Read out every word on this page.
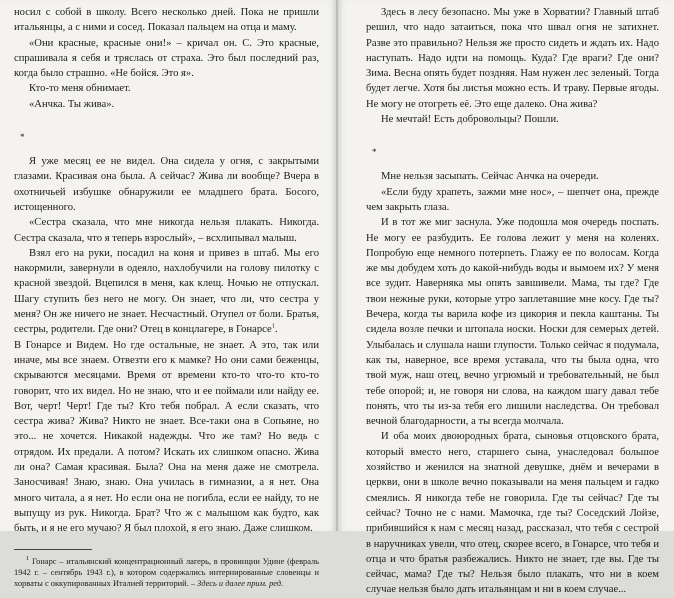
носил с собой в школу. Всего несколько дней. Пока не пришли итальянцы, а с ними и сосед. Показал пальцем на отца и маму.

«Они красные, красные они!» – кричал он. С. Это красные, спрашивала я себя и тряслась от страха. Это был последний раз, когда было страшно. «Не бойся. Это я».

Кто-то меня обнимает.

«Анчка. Ты жива».

*

Я уже месяц ее не видел. Она сидела у огня, с закрытыми глазами. Красивая она была. А сейчас? Жива ли вообще? Вчера в охотничьей избушке обнаружили ее младшего брата. Босого, истощенного.

«Сестра сказала, что мне никогда нельзя плакать. Никогда. Сестра сказала, что я теперь взрослый», – всхлипывал малыш.

Взял его на руки, посадил на коня и привез в штаб. Мы его накормили, завернули в одеяло, нахлобучили на голову пилотку с красной звездой. Вцепился в меня, как клещ. Ночью не отпускал. Шагу ступить без него не могу. Он знает, что ли, что сестра у меня? Он же ничего не знает. Несчастный. Отупел от боли. Братья, сестры, родители. Где они? Отец в концлагере, в Гонарсе$^1$.

В Гонарсе и Видем. Но где остальные, не знает. А это, так или иначе, мы все знаем. Отвезти его к мамке? Но они сами беженцы, скрываются месяцами. Время от времени кто-то что-то кто-то говорит, что их видел. Но не знаю, что и ее поймали или найду ее. Вот, черт! Черт! Где ты? Кто тебя побрал. А если сказать, что сестра жива? Жива? Никто не знает. Все-таки она в Сопьяне, но это... не хочется. Никакой надежды. Что же там? Но ведь с отрядом. Их предали. А потом? Искать их слишком опасно. Жива ли она? Самая красивая. Была? Она на меня даже не смотрела. Заносчивая! Знаю, знаю. Она училась в гимназии, а я нет. Она много читала, а я нет. Но если она не погибла, если ее найду, то не выпущу из рук. Никогда. Брат? Что ж с малышом как будто, как быть, и я не его мучаю? Я был плохой, я его знаю. Даже слишком.

$^1$ Гонарс – итальянский концентрационный лагерь, в провинции Удине (февраль 1942 г. – сентябрь 1943 г.), в котором содержались интернированные словенцы и хорваты с оккупированных Италией территорий. – Здесь и далее прим. ред.

Здесь в лесу безопасно. Мы уже в Хорватии? Главный штаб решил, что надо затаиться, пока что швал огня не затихнет. Разве это правильно? Нельзя же просто сидеть и ждать их. Надо наступать. Надо идти на помощь. Куда? Где враги? Где они? Зима. Весна опять будет поздняя. Нам нужен лес зеленый. Тогда будет легче. Хотя бы листья можно есть. И траву. Первые ягоды. Не могу не отогреть её. Это еще далеко. Она жива?

Не мечтай! Есть добровольцы? Пошли.

*

Мне нельзя засыпать. Сейчас Анчка на очереди.

«Если буду храпеть, зажми мне нос», – шепчет она, прежде чем закрыть глаза.

И в тот же миг заснула. Уже подошла моя очередь поспать. Не могу ее разбудить. Ее голова лежит у меня на коленях. Попробую еще немного потерпеть. Глажу ее по волосам. Когда же мы добудем хоть до какой-нибудь воды и вымоем их? У меня все зудит. Наверняка мы опять завшивели. Мама, ты где? Где твои нежные руки, которые утро заплетавшие мне косу. Где ты? Вечера, когда ты варила кофе из цикория и пекла каштаны. Ты сидела возле печки и штопала носки. Носки для семерых детей. Улыбалась и слушала наши глупости. Только сейчас я подумала, как ты, наверное, все время уставала, что ты была одна, что твой муж, наш отец, вечно угрюмый и требовательный, не был тебе опорой; и, не говоря ни слова, на каждом шагу давал тебе понять, что ты из-за тебя его лишили наследства. Он требовал вечной благодарности, а ты всегда молчала.

И оба моих двоюродных брата, сыновья отцовского брата, который вместо него, старшего сына, унаследовал большое хозяйство и женился на знатной девушке, днём и вечерами в церкви, они в школе вечно показывали на меня пальцем и гадко смеялись. Я никогда тебе не говорила. Где ты сейчас? Где ты сейчас? Точно не с нами. Мамочка, где ты? Соседский Лойзе, прибившийся к нам с месяц назад, рассказал, что тебя с сестрой в наручниках увели, что отец, скорее всего, в Гонарсе, что тебя и отца и что братья разбежались. Никто не знает, где вы. Где ты сейчас, мама? Где ты? Нельзя было плакать, что ни в коем случае нельзя было дать итальянцам и ни в коем случае...
